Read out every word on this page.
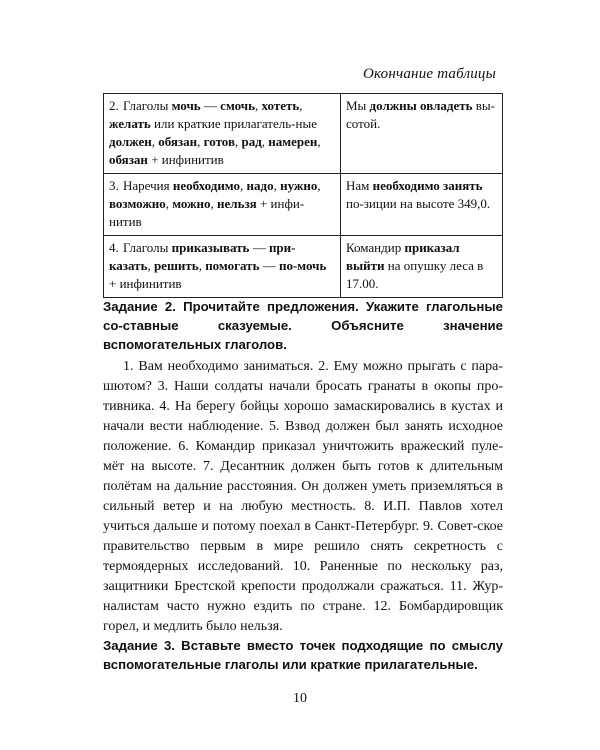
Окончание таблицы
2. Глаголы мочь — смочь, хотеть, желать или краткие прилагатель-ные должен, обязан, готов, рад, намерен, обязан + инфинитив	Мы должны овладеть вы-сотой.
3. Наречия необходимо, надо, нужно, возможно, можно, нельзя + инфи-нитив	Нам необходимо занять по-зиции на высоте 349,0.
4. Глаголы приказывать — при-казать, решить, помогать — по-мочь + инфинитив	Командир приказал выйти на опушку леса в 17.00.
Задание 2. Прочитайте предложения. Укажите глагольные со-ставные сказуемые. Объясните значение вспомогательных глаголов.
1. Вам необходимо заниматься. 2. Ему можно прыгать с пара-шютом? 3. Наши солдаты начали бросать гранаты в окопы про-тивника. 4. На берегу бойцы хорошо замаскировались в кустах и начали вести наблюдение. 5. Взвод должен был занять исходное положение. 6. Командир приказал уничтожить вражеский пуле-мёт на высоте. 7. Десантник должен быть готов к длительным полётам на дальние расстояния. Он должен уметь приземляться в сильный ветер и на любую местность. 8. И.П. Павлов хотел учиться дальше и потому поехал в Санкт-Петербург. 9. Совет-ское правительство первым в мире решило снять секретность с термоядерных исследований. 10. Раненные по нескольку раз, защитники Брестской крепости продолжали сражаться. 11. Жур-налистам часто нужно ездить по стране. 12. Бомбардировщик горел, и медлить было нельзя.
Задание 3. Вставьте вместо точек подходящие по смыслу вспомогательные глаголы или краткие прилагательные.
10
